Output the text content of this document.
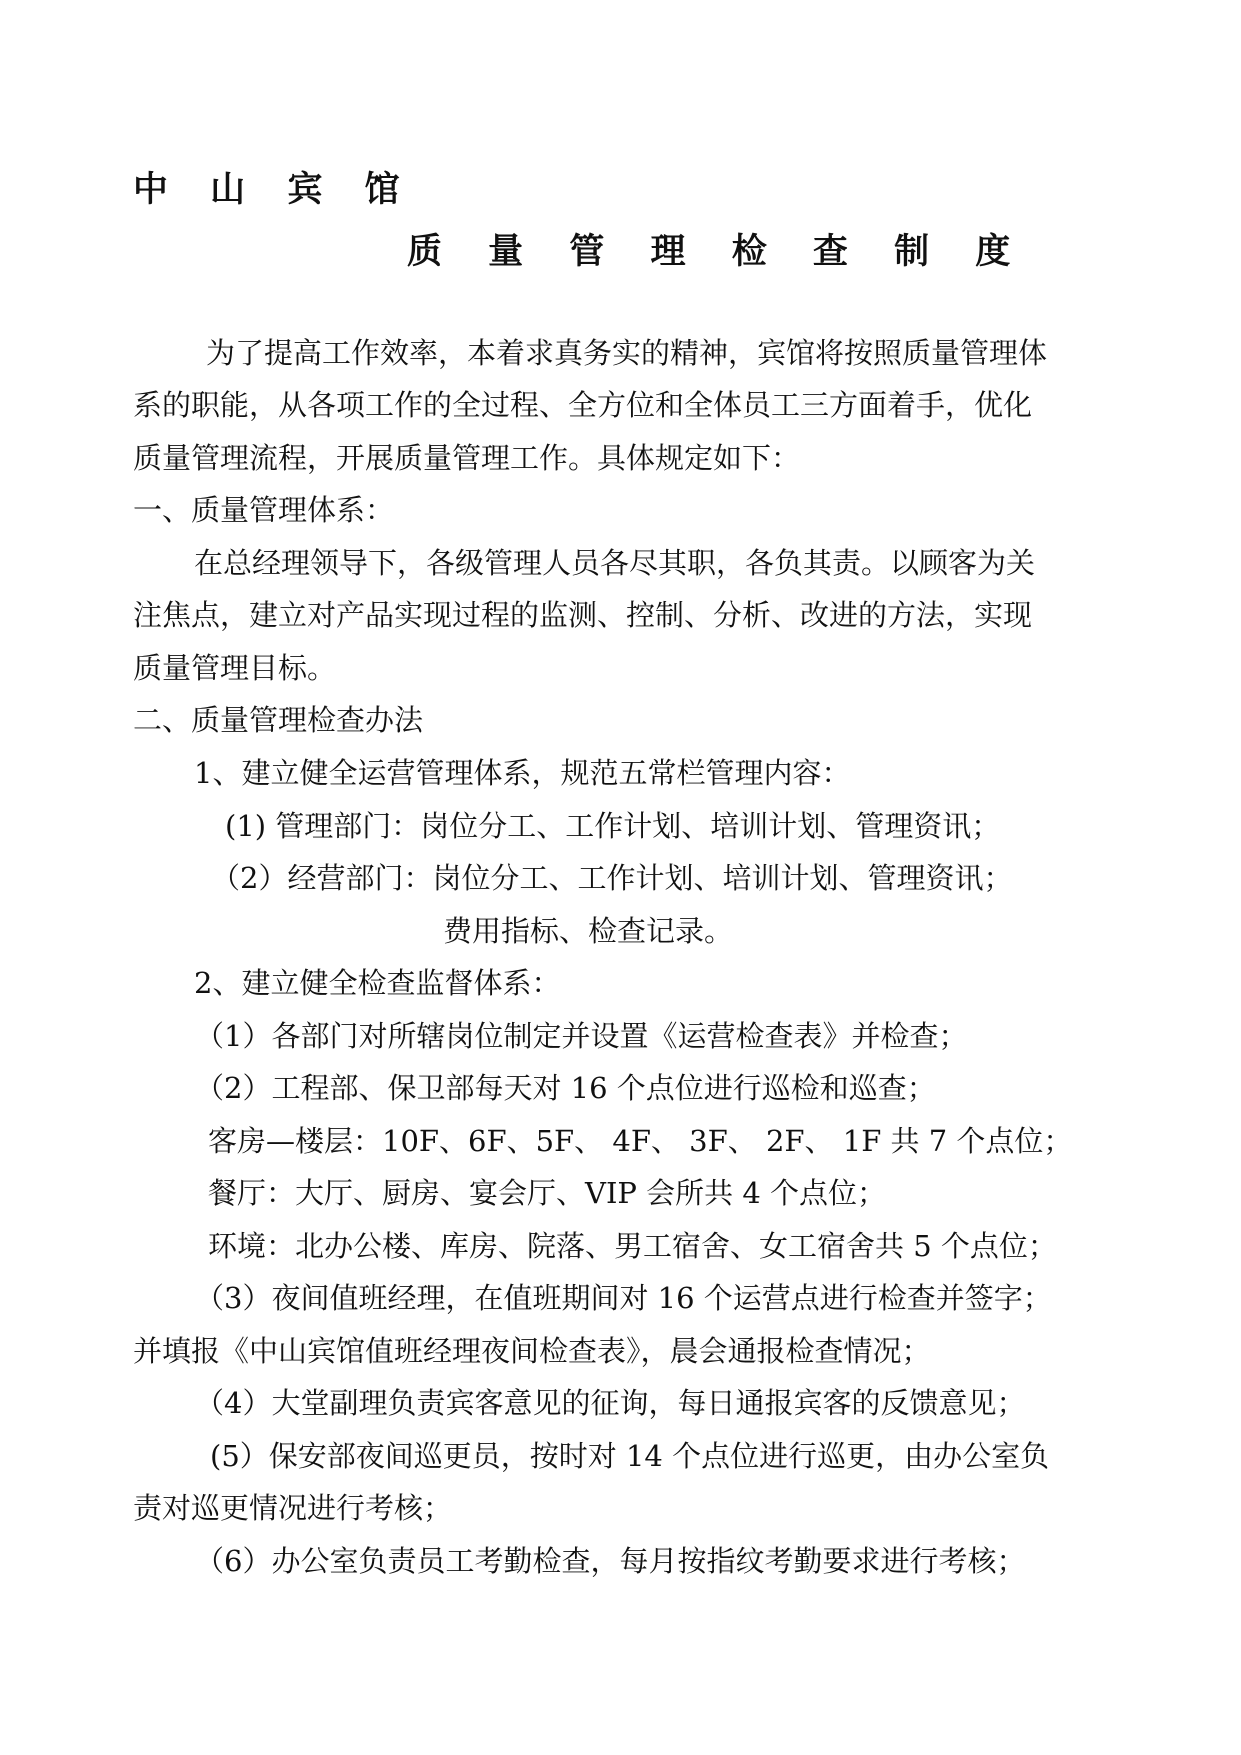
中 山 宾 馆
质 量 管 理 检 查 制 度
为了提高工作效率，本着求真务实的精神，宾馆将按照质量管理体
系的职能，从各项工作的全过程、全方位和全体员工三方面着手，优化
质量管理流程，开展质量管理工作。具体规定如下：
一、质量管理体系：
在总经理领导下，各级管理人员各尽其职，各负其责。以顾客为关
注焦点，建立对产品实现过程的监测、控制、分析、改进的方法，实现
质量管理目标。
二、质量管理检查办法
1、建立健全运营管理体系，规范五常栏管理内容：
(1) 管理部门：岗位分工、工作计划、培训计划、管理资讯；
（2）经营部门：岗位分工、工作计划、培训计划、管理资讯；
费用指标、检查记录。
2、建立健全检查监督体系：
（1）各部门对所辖岗位制定并设置《运营检查表》并检查；
（2）工程部、保卫部每天对 16 个点位进行巡检和巡查；
客房—楼层：10F、6F、5F、 4F、 3F、 2F、 1F 共 7 个点位；
餐厅：大厅、厨房、宴会厅、VIP 会所共 4 个点位；
环境：北办公楼、库房、院落、男工宿舍、女工宿舍共 5 个点位；
（3）夜间值班经理，在值班期间对 16 个运营点进行检查并签字；
并填报《中山宾馆值班经理夜间检查表》，晨会通报检查情况；
（4）大堂副理负责宾客意见的征询，每日通报宾客的反馈意见；
(5）保安部夜间巡更员，按时对 14 个点位进行巡更，由办公室负
责对巡更情况进行考核；
（6）办公室负责员工考勤检查，每月按指纹考勤要求进行考核；
